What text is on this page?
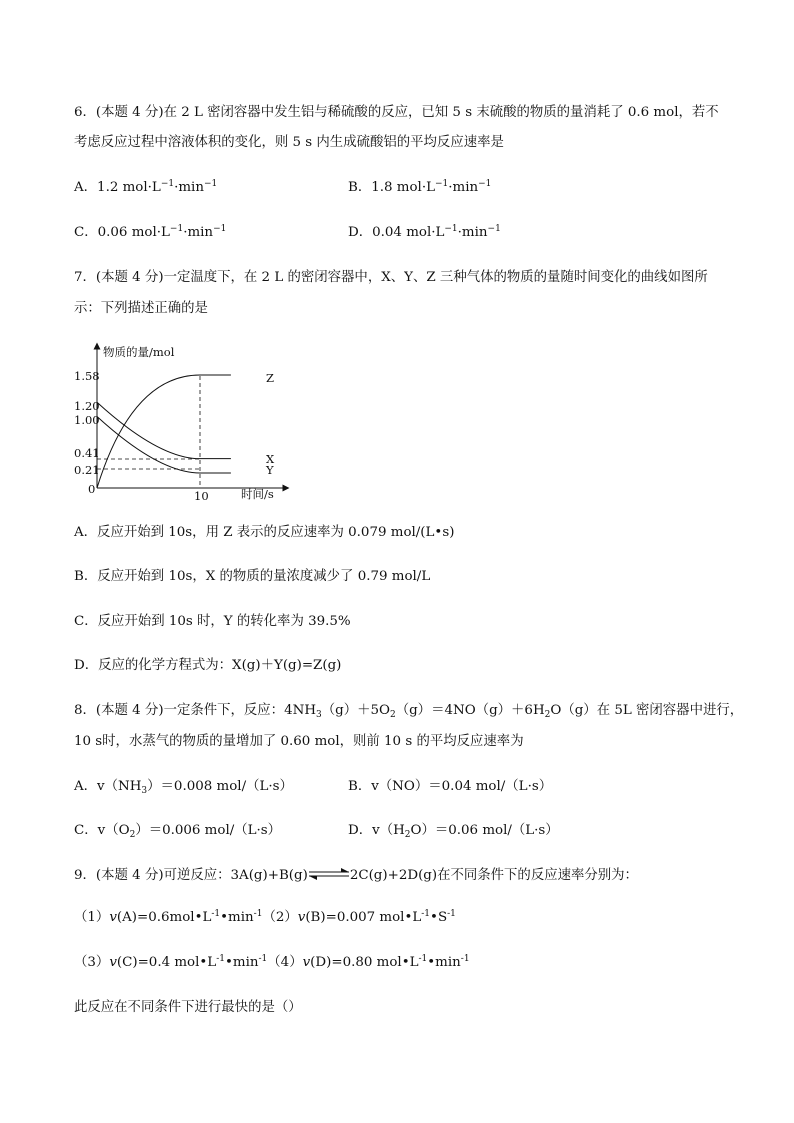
6．(本题 4 分)在 2 L 密闭容器中发生铝与稀硫酸的反应，已知 5 s 末硫酸的物质的量消耗了 0.6 mol，若不
考虑反应过程中溶液体积的变化，则 5 s 内生成硫酸铝的平均反应速率是
A．1.2 $mol\cdot L^{-1}\cdot\min^{-1}$	B．1.8 $mol\cdot L^{-1}\cdot\min^{-1}$
C．0.06 $mol\cdot L^{-1}\cdot\min^{-1}$	D．0.04 $mol\cdot L^{-1}\cdot\min^{-1}$
7．(本题 4 分)一定温度下，在 2 L 的密闭容器中，X、Y、Z 三种气体的物质的量随时间变化的曲线如图所
示：下列描述正确的是
物质的量/mol
时间/s
1.58
1.20
1.00
0.41
0.21
0	10
Z
X
Y
A．反应开始到 10s，用 Z 表示的反应速率为 0.079 mol/(L•s)
B．反应开始到 10s，X 的物质的量浓度减少了 0.79 mol/L
C．反应开始到 10s 时，Y 的转化率为 39.5%
D．反应的化学方程式为：X(g)＋Y(g)=Z(g)
8．(本题 4 分)一定条件下，反应：$4NH_3(g)+5O_2(g)=4NO(g)+6H_2O(g)$在 5L 密闭容器中进行，
10 s时，水蒸气的物质的量增加了 0.60 mol，则前 10 s 的平均反应速率为
A．$v(NH_3)=0.008$ mol/（L·s）	B．v（NO）＝0.04 mol/（L·s）
C．$v(O_2)=0.006$ mol/（L·s）	D．$v(H_2O)=0.06$ mol/（L·s）
9．(本题 4 分)可逆反应：3A(g)+B(g)⇌2C(g)+2D(g)在不同条件下的反应速率分别为：
$(1)v(A)=0.6mol•L^{-1}•\min^{-1}(2)v(B)=0.007$ $mol•L^{-1}•S^{-1}$
（3）v(C)=0.4 $mol•L^{-1}•\min^{-1}(4)v(D)=0.80$ $mol•L^{-1}•\min^{-1}$
此反应在不同条件下进行最快的是（）
